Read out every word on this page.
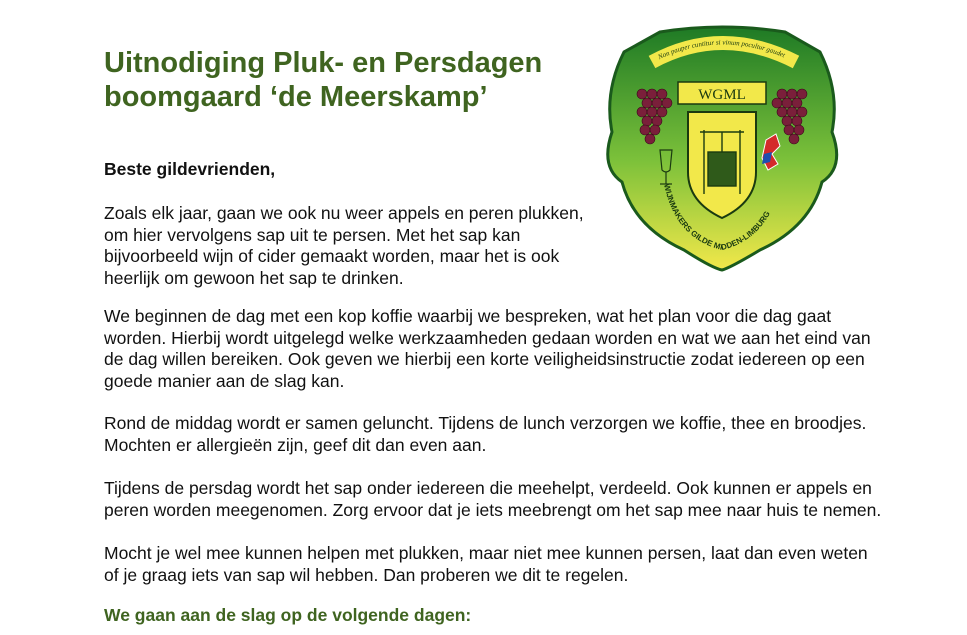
Uitnodiging Pluk- en Persdagen
boomgaard ‘de Meerskamp’
Non pauper cuntitur si vinum pocultur gaudet
WGML
WIJNMAKERS GILDE MIDDEN-LIMBURG

Beste gildevrienden,

Zoals elk jaar, gaan we ook nu weer appels en peren plukken, om hier vervolgens sap uit te persen. Met het sap kan bijvoorbeeld wijn of cider gemaakt worden, maar het is ook heerlijk om gewoon het sap te drinken.

We beginnen de dag met een kop koffie waarbij we bespreken, wat het plan voor die dag gaat worden. Hierbij wordt uitgelegd welke werkzaamheden gedaan worden en wat we aan het eind van de dag willen bereiken. Ook geven we hierbij een korte veiligheidsinstructie zodat iedereen op een goede manier aan de slag kan.

Rond de middag wordt er samen geluncht. Tijdens de lunch verzorgen we koffie, thee en broodjes. Mochten er allergieën zijn, geef dit dan even aan.

Tijdens de persdag wordt het sap onder iedereen die meehelpt, verdeeld. Ook kunnen er appels en peren worden meegenomen. Zorg ervoor dat je iets meebrengt om het sap mee naar huis te nemen.

Mocht je wel mee kunnen helpen met plukken, maar niet mee kunnen persen, laat dan even weten of je graag iets van sap wil hebben. Dan proberen we dit te regelen.

We gaan aan de slag op de volgende dagen:
